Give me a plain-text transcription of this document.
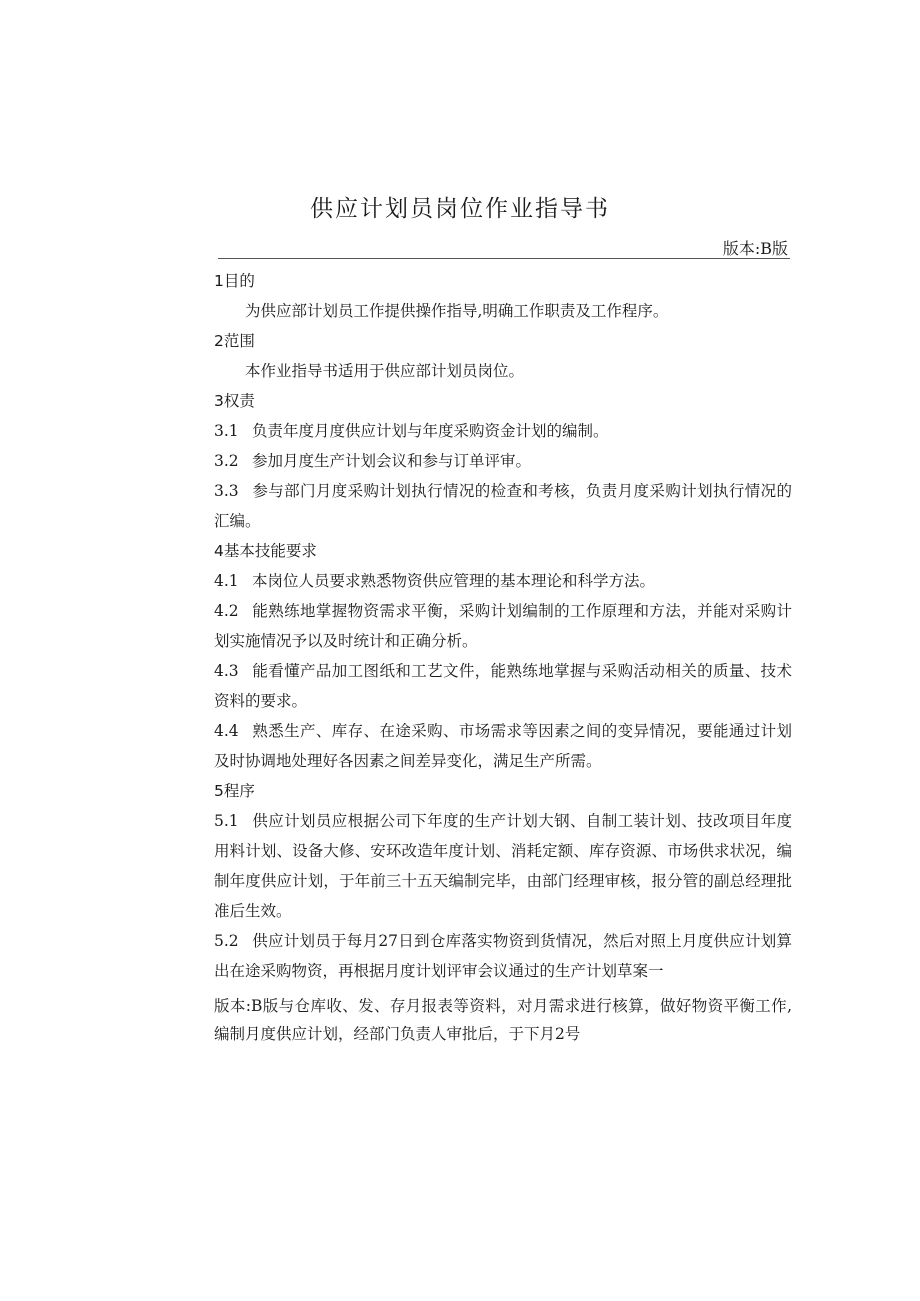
供应计划员岗位作业指导书
版本:B版
1目的

为供应部计划员工作提供操作指导,明确工作职责及工作程序。

2范围

本作业指导书适用于供应部计划员岗位。

3权责

3.1 负责年度月度供应计划与年度采购资金计划的编制。

3.2 参加月度生产计划会议和参与订单评审。

3.3 参与部门月度采购计划执行情况的检查和考核，负责月度采购计划执行情况的汇编。

4基本技能要求

4.1 本岗位人员要求熟悉物资供应管理的基本理论和科学方法。

4.2 能熟练地掌握物资需求平衡，采购计划编制的工作原理和方法，并能对采购计划实施情况予以及时统计和正确分析。

4.3 能看懂产品加工图纸和工艺文件，能熟练地掌握与采购活动相关的质量、技术资料的要求。

4.4 熟悉生产、库存、在途采购、市场需求等因素之间的变异情况，要能通过计划及时协调地处理好各因素之间差异变化，满足生产所需。

5程序

5.1 供应计划员应根据公司下年度的生产计划大钢、自制工装计划、技改项目年度用料计划、设备大修、安环改造年度计划、消耗定额、库存资源、市场供求状况，编制年度供应计划，于年前三十五天编制完毕，由部门经理审核，报分管的副总经理批准后生效。

5.2 供应计划员于每月27日到仓库落实物资到货情况，然后对照上月度供应计划算出在途采购物资，再根据月度计划评审会议通过的生产计划草案一

版本:B版与仓库收、发、存月报表等资料，对月需求进行核算，做好物资平衡工作,编制月度供应计划，经部门负责人审批后，于下月2号
